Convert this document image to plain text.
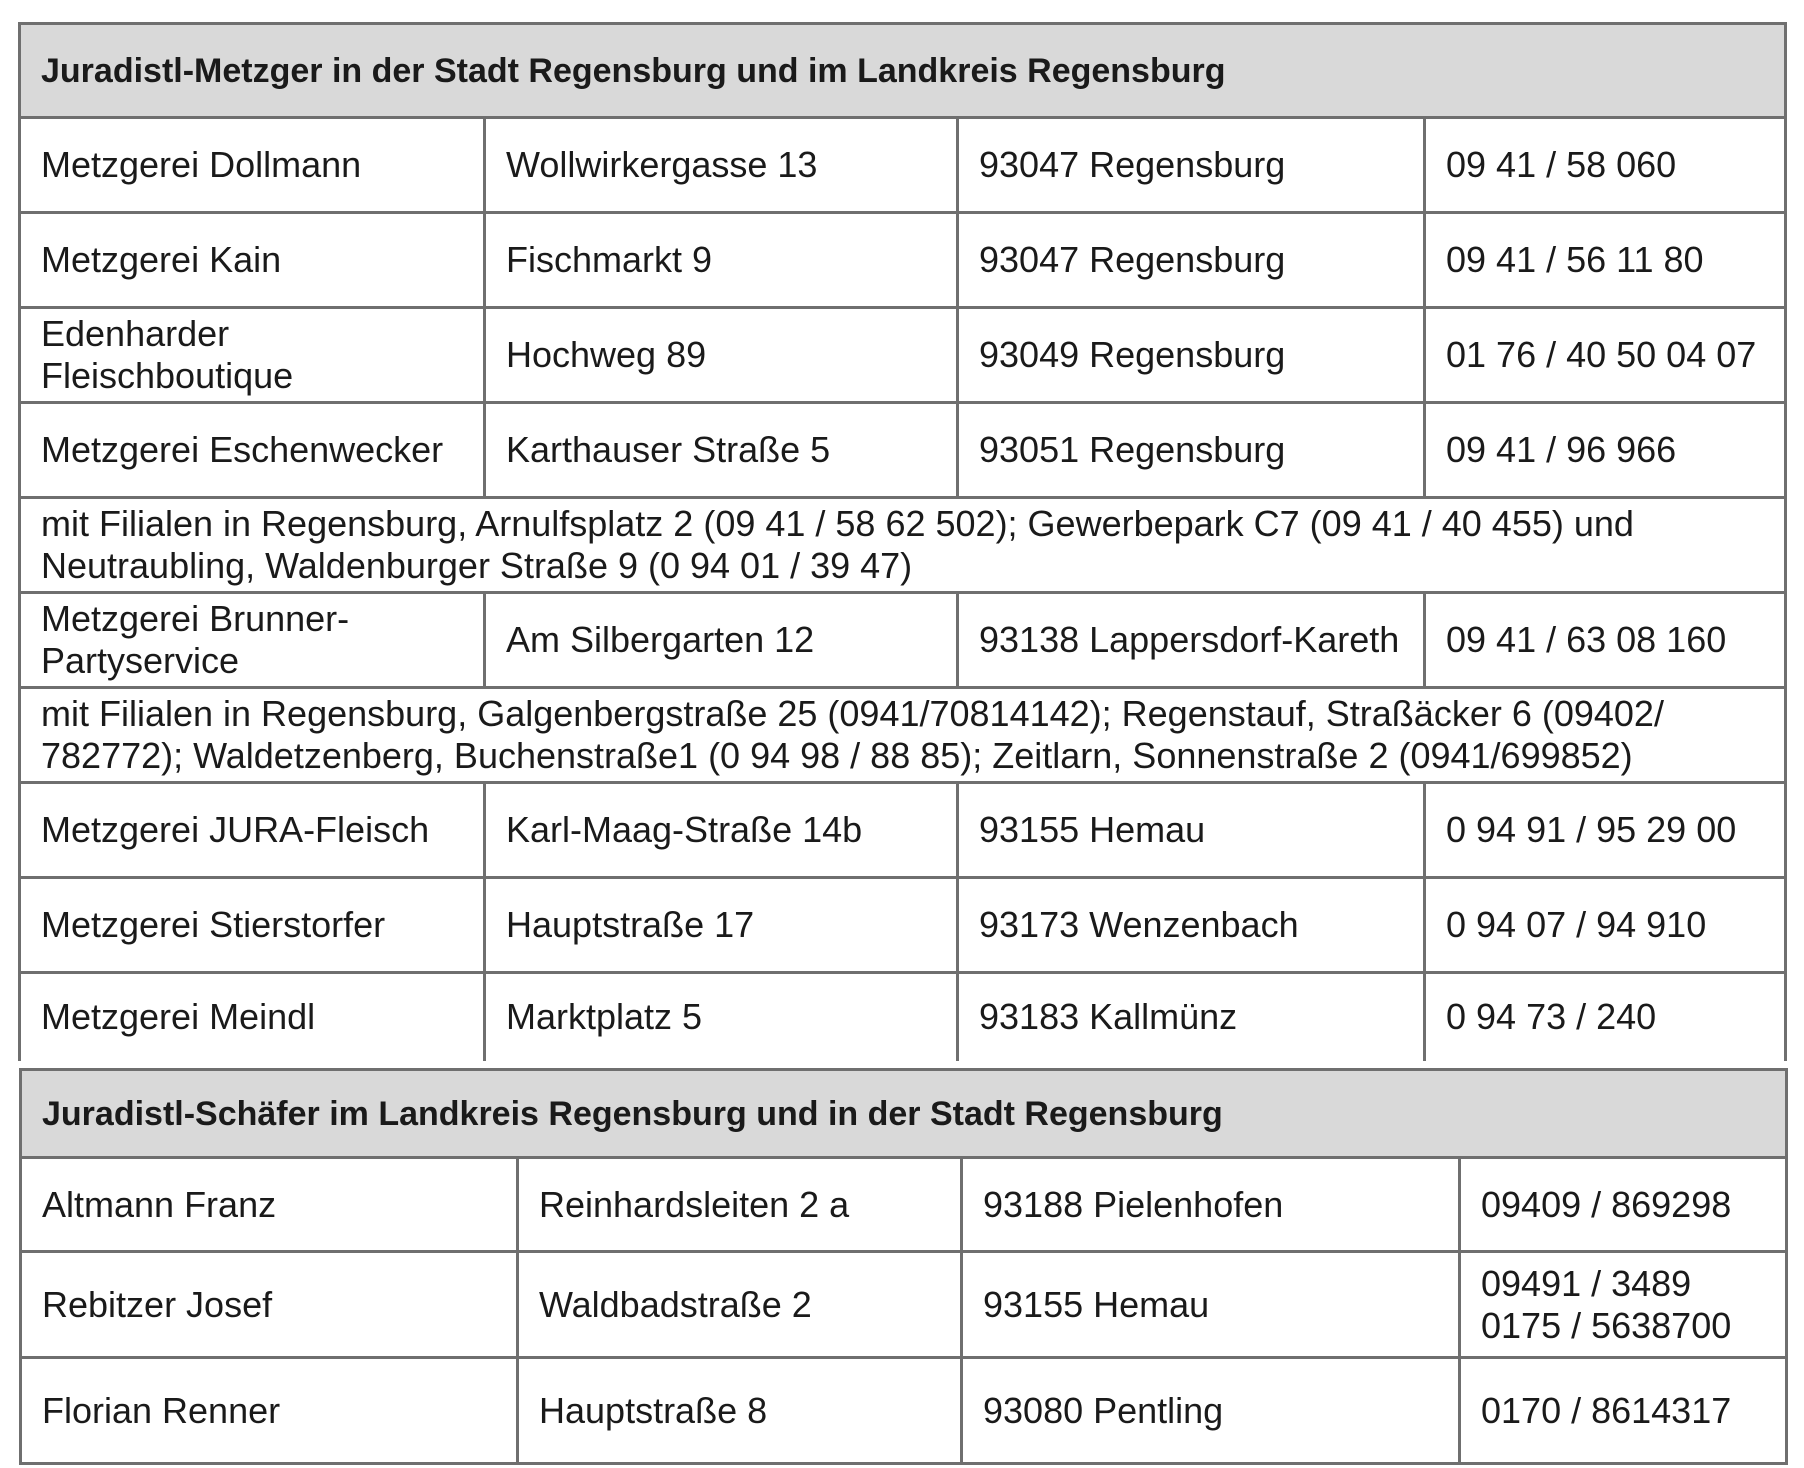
Juradistl-Metzger in der Stadt Regensburg und im Landkreis Regensburg			
Metzgerei Dollmann	Wollwirkergasse 13	93047 Regensburg	09 41 / 58 060
Metzgerei Kain	Fischmarkt 9	93047 Regensburg	09 41 / 56 11 80
Edenharder Fleischboutique	Hochweg 89	93049 Regensburg	01 76 / 40 50 04 07
Metzgerei Eschenwecker	Karthauser Straße 5	93051 Regensburg	09 41 / 96 966
mit Filialen in Regensburg, Arnulfsplatz 2 (09 41 / 58 62 502); Gewerbepark C7 (09 41 / 40 455) und Neutraubling, Waldenburger Straße 9 (0 94 01 / 39 47)			
Metzgerei Brunner-Partyservice	Am Silbergarten 12	93138 Lappersdorf-Kareth	09 41 / 63 08 160
mit Filialen in Regensburg, Galgenbergstraße 25 (0941/70814142); Regenstauf, Straßäcker 6 (09402/ 782772); Waldetzenberg, Buchenstraße1 (0 94 98 / 88 85); Zeitlarn, Sonnenstraße 2 (0941/699852)			
Metzgerei JURA-Fleisch	Karl-Maag-Straße 14b	93155 Hemau	0 94 91 / 95 29 00
Metzgerei Stierstorfer	Hauptstraße 17	93173 Wenzenbach	0 94 07 / 94 910
Metzgerei Meindl	Marktplatz 5	93183 Kallmünz	0 94 73 / 240
Juradistl-Schäfer im Landkreis Regensburg und in der Stadt Regensburg			
Altmann Franz	Reinhardsleiten 2 a	93188 Pielenhofen	09409 / 869298
Rebitzer Josef	Waldbadstraße 2	93155 Hemau	09491 / 3489
0175 / 5638700

Florian Renner	Hauptstraße 8	93080 Pentling	0170 / 8614317
